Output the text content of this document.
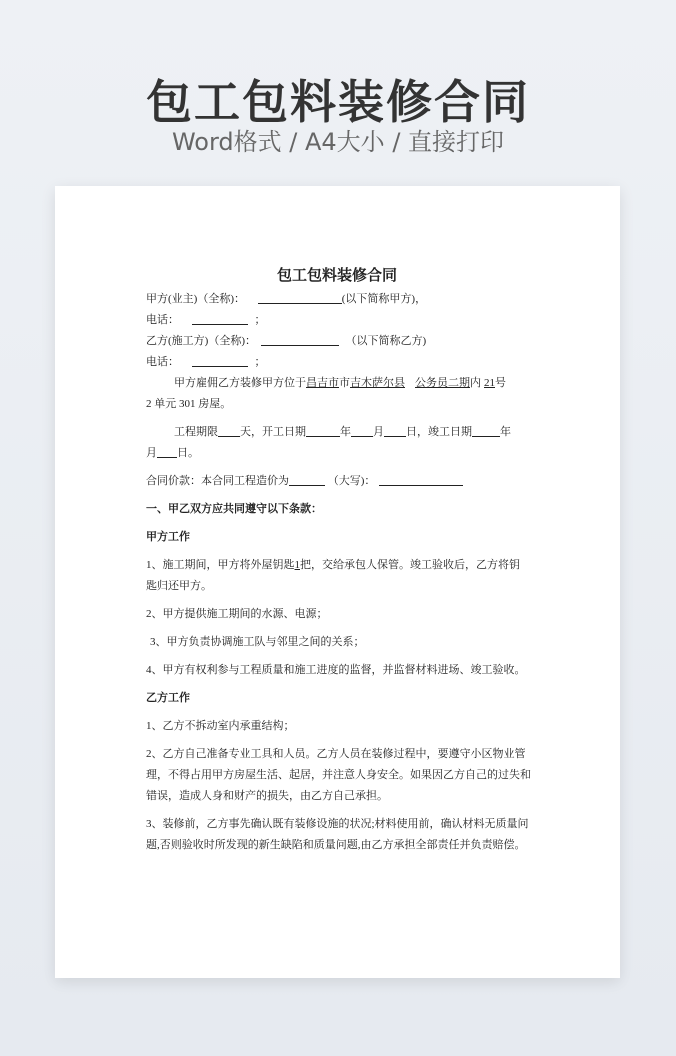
包工包料装修合同
Word格式 / A4大小 / 直接打印
包工包料装修合同
甲方(业主)（全称)：	(以下简称甲方)，
电话：	；
乙方(施工方)（全称)：	（以下简称乙方)
电话：	；
甲方雇佣乙方装修甲方位于昌吉市市吉木萨尔县 公务员二期内 21号
2 单元 301 房屋。
工程期限 天，开工日期	年 月 日，竣工日期	年
月 日。
合同价款：本合同工程造价为	（大写)：
一、甲乙双方应共同遵守以下条款：
甲方工作
1、施工期间，甲方将外屋钥匙1把，交给承包人保管。竣工验收后，乙方将钥
匙归还甲方。
2、甲方提供施工期间的水源、电源；
3、甲方负责协调施工队与邻里之间的关系；
4、甲方有权利参与工程质量和施工进度的监督，并监督材料进场、竣工验收。
乙方工作
1、乙方不拆动室内承重结构；
2、乙方自己准备专业工具和人员。乙方人员在装修过程中，要遵守小区物业管
理，不得占用甲方房屋生活、起居，并注意人身安全。如果因乙方自己的过失和
错误，造成人身和财产的损失，由乙方自己承担。
3、装修前，乙方事先确认既有装修设施的状况;材料使用前，确认材料无质量问
题,否则验收时所发现的新生缺陷和质量问题,由乙方承担全部责任并负责赔偿。
